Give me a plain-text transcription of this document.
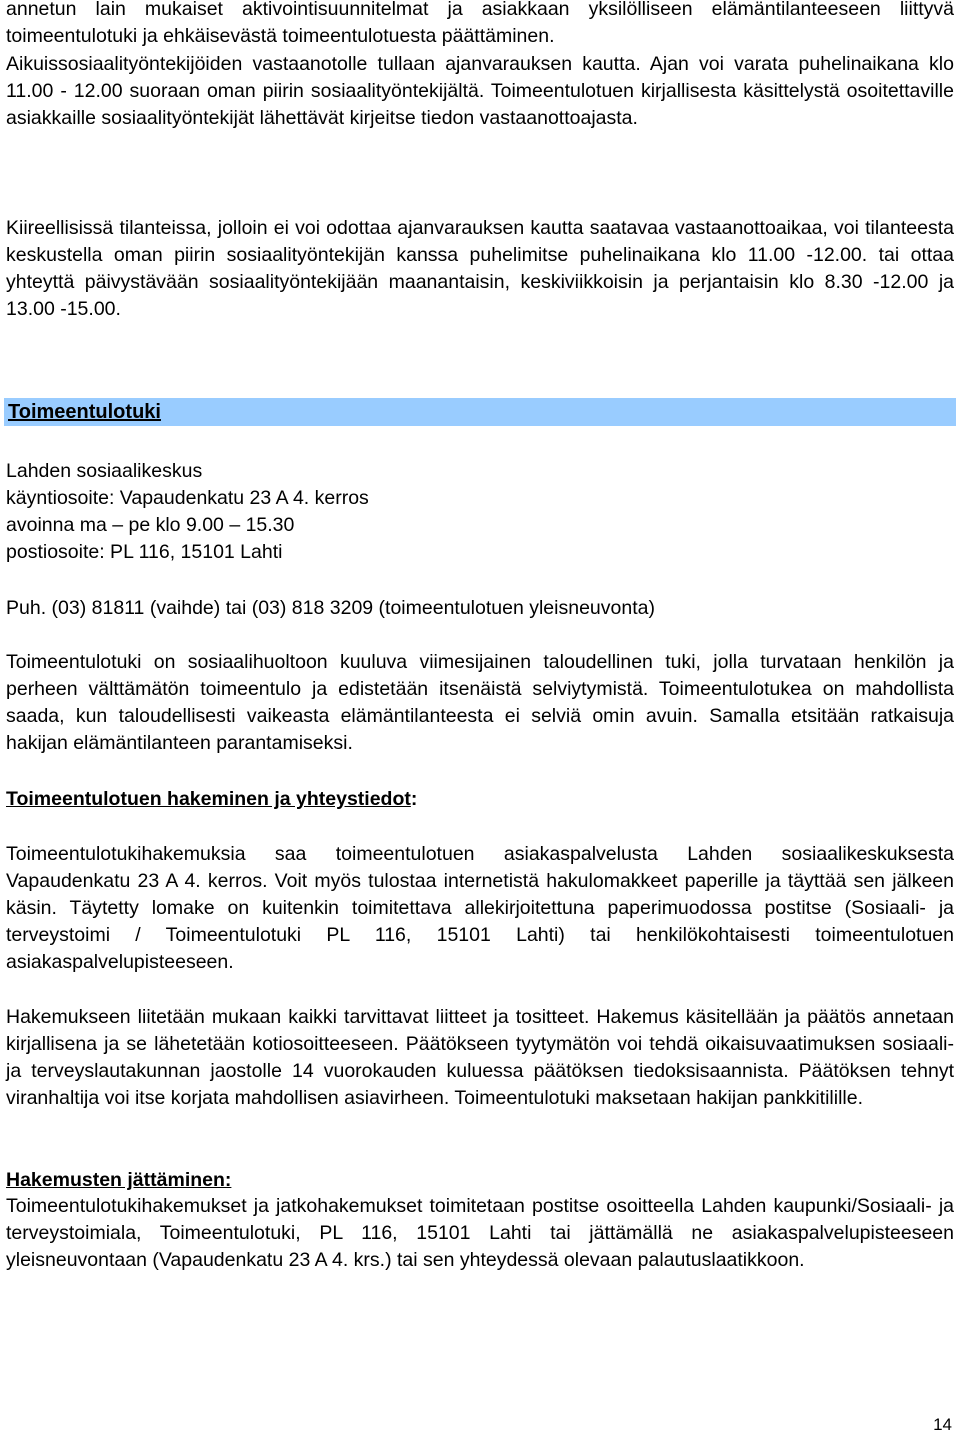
annetun lain mukaiset aktivointisuunnitelmat ja asiakkaan yksilölliseen elämäntilanteeseen liittyvä toimeentulotuki ja ehkäisevästä toimeentulotuesta päättäminen.

Aikuissosiaalityöntekijöiden vastaanotolle tullaan ajanvarauksen kautta. Ajan voi varata puhelinaikana klo 11.00 - 12.00 suoraan oman piirin sosiaalityöntekijältä. Toimeentulotuen kirjallisesta käsittelystä osoitettaville asiakkaille sosiaalityöntekijät lähettävät kirjeitse tiedon vastaanottoajasta.

Kiireellisissä tilanteissa, jolloin ei voi odottaa ajanvarauksen kautta saatavaa vastaanottoaikaa, voi tilanteesta keskustella oman piirin sosiaalityöntekijän kanssa puhelimitse puhelinaikana klo 11.00 -12.00. tai ottaa yhteyttä päivystävään sosiaalityöntekijään maanantaisin, keskiviikkoisin ja perjantaisin klo 8.30 -12.00 ja 13.00 -15.00.

Toimeentulotuki

Lahden sosiaalikeskus

käyntiosoite: Vapaudenkatu 23 A 4. kerros

avoinna ma – pe klo 9.00 – 15.30

postiosoite: PL 116, 15101 Lahti

Puh. (03) 81811 (vaihde) tai (03) 818 3209 (toimeentulotuen yleisneuvonta)

Toimeentulotuki on sosiaalihuoltoon kuuluva viimesijainen taloudellinen tuki, jolla turvataan henkilön ja perheen välttämätön toimeentulo ja edistetään itsenäistä selviytymistä. Toimeentulotukea on mahdollista saada, kun taloudellisesti vaikeasta elämäntilanteesta ei selviä omin avuin. Samalla etsitään ratkaisuja hakijan elämäntilanteen parantamiseksi.

Toimeentulotuen hakeminen ja yhteystiedot:

Toimeentulotukihakemuksia saa toimeentulotuen asiakaspalvelusta Lahden sosiaalikeskuksesta Vapaudenkatu 23 A 4. kerros. Voit myös tulostaa internetistä hakulomakkeet paperille ja täyttää sen jälkeen käsin. Täytetty lomake on kuitenkin toimitettava allekirjoitettuna paperimuodossa postitse (Sosiaali- ja terveystoimi / Toimeentulotuki PL 116, 15101 Lahti) tai henkilökohtaisesti toimeentulotuen asiakaspalvelupisteeseen.

Hakemukseen liitetään mukaan kaikki tarvittavat liitteet ja tositteet. Hakemus käsitellään ja päätös annetaan kirjallisena ja se lähetetään kotiosoitteeseen. Päätökseen tyytymätön voi tehdä oikaisuvaatimuksen sosiaali- ja terveyslautakunnan jaostolle 14 vuorokauden kuluessa päätöksen tiedoksisaannista. Päätöksen tehnyt viranhaltija voi itse korjata mahdollisen asiavirheen. Toimeentulotuki maksetaan hakijan pankkitilille.

Hakemusten jättäminen:

Toimeentulotukihakemukset ja jatkohakemukset toimitetaan postitse osoitteella Lahden kaupunki/Sosiaali- ja terveystoimiala, Toimeentulotuki, PL 116, 15101 Lahti tai jättämällä ne asiakaspalvelupisteeseen yleisneuvontaan (Vapaudenkatu 23 A 4. krs.) tai sen yhteydessä olevaan palautuslaatikkoon.

14
